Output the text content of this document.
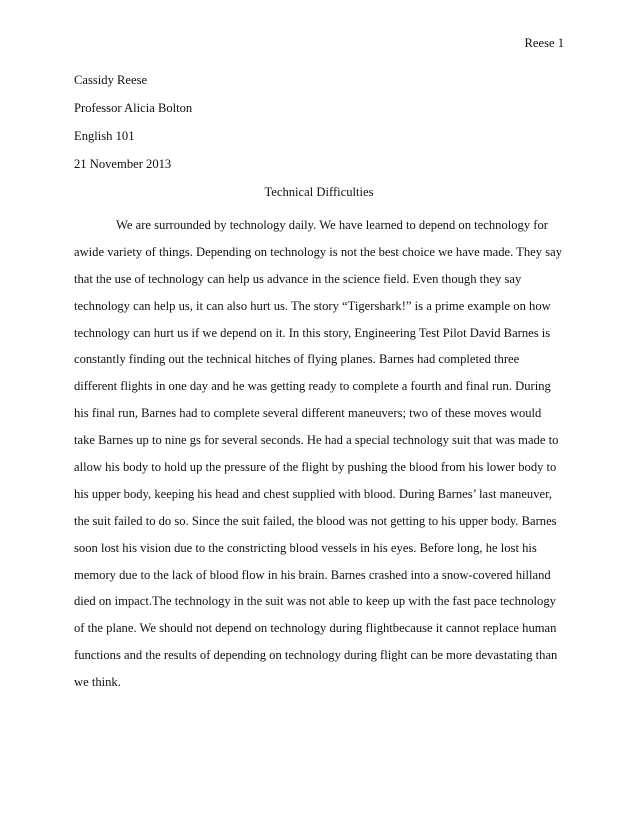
Reese 1
Cassidy Reese
Professor Alicia Bolton
English 101
21 November 2013
Technical Difficulties
We are surrounded by technology daily. We have learned to depend on technology for
awide variety of things. Depending on technology is not the best choice we have made. They say
that the use of technology can help us advance in the science field. Even though they say
technology can help us, it can also hurt us. The story “Tigershark!” is a prime example on how
technology can hurt us if we depend on it. In this story, Engineering Test Pilot David Barnes is
constantly finding out the technical hitches of flying planes. Barnes had completed three
different flights in one day and he was getting ready to complete a fourth and final run. During
his final run, Barnes had to complete several different maneuvers; two of these moves would
take Barnes up to nine gs for several seconds. He had a special technology suit that was made to
allow his body to hold up the pressure of the flight by pushing the blood from his lower body to
his upper body, keeping his head and chest supplied with blood. During Barnes’ last maneuver,
the suit failed to do so. Since the suit failed, the blood was not getting to his upper body. Barnes
soon lost his vision due to the constricting blood vessels in his eyes. Before long, he lost his
memory due to the lack of blood flow in his brain. Barnes crashed into a snow-covered hilland
died on impact.The technology in the suit was not able to keep up with the fast pace technology
of the plane. We should not depend on technology during flightbecause it cannot replace human
functions and the results of depending on technology during flight can be more devastating than
we think.
